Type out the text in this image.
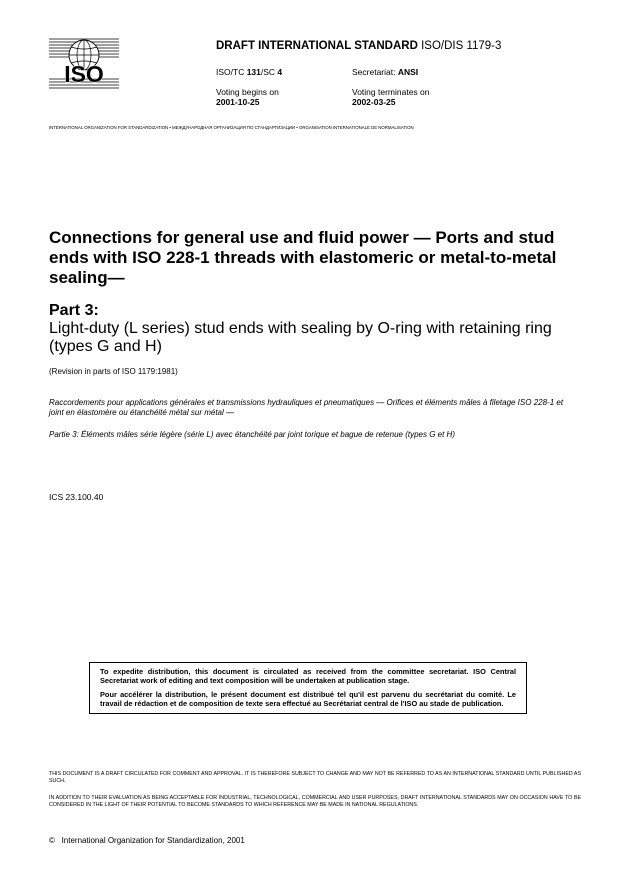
ISO
DRAFT INTERNATIONAL STANDARD ISO/DIS 1179-3
ISO/TC 131/SC 4	Secretariat: ANSI
Voting begins on
2001-10-25
Voting terminates on
2002-03-25
INTERNATIONAL ORGANIZATION FOR STANDARDIZATION • МЕЖДУНАРОДНАЯ ОРГАНИЗАЦИЯ ПО СТАНДАРТИЗАЦИИ • ORGANISATION INTERNATIONALE DE NORMALISATION
Connections for general use and fluid power — Ports and stud ends with ISO 228-1 threads with elastomeric or metal-to-metal sealing—
Part 3:
Light-duty (L series) stud ends with sealing by O-ring with retaining ring (types G and H)
(Revision in parts of ISO 1179:1981)
Raccordements pour applications générales et transmissions hydrauliques et pneumatiques — Orifices et éléments mâles à filetage ISO 228-1 et joint en élastomère ou étanchéité métal sur métal —
Partie 3: Éléments mâles série légère (série L) avec étanchéité par joint torique et bague de retenue (types G et H)
ICS 23.100.40

To expedite distribution, this document is circulated as received from the committee secretariat. ISO Central Secretariat work of editing and text composition will be undertaken at publication stage.

Pour accélérer la distribution, le présent document est distribué tel qu'il est parvenu du secrétariat du comité. Le travail de rédaction et de composition de texte sera effectué au Secrétariat central de l'ISO au stade de publication.

THIS DOCUMENT IS A DRAFT CIRCULATED FOR COMMENT AND APPROVAL. IT IS THEREFORE SUBJECT TO CHANGE AND MAY NOT BE REFERRED TO AS AN INTERNATIONAL STANDARD UNTIL PUBLISHED AS SUCH.
IN ADDITION TO THEIR EVALUATION AS BEING ACCEPTABLE FOR INDUSTRIAL, TECHNOLOGICAL, COMMERCIAL AND USER PURPOSES, DRAFT INTERNATIONAL STANDARDS MAY ON OCCASION HAVE TO BE CONSIDERED IN THE LIGHT OF THEIR POTENTIAL TO BECOME STANDARDS TO WHICH REFERENCE MAY BE MADE IN NATIONAL REGULATIONS.
© International Organization for Standardization, 2001
